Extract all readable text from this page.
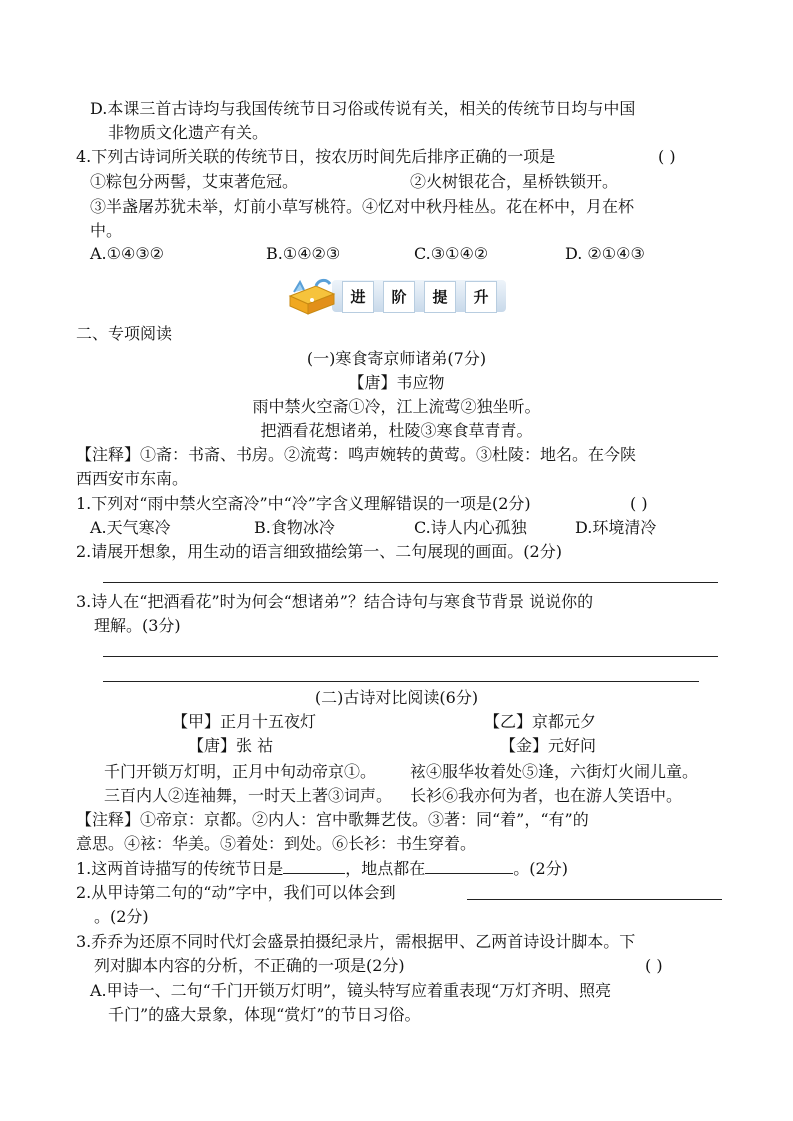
D.本课三首古诗均与我国传统节日习俗或传说有关，相关的传统节日均与中国
非物质文化遗产有关。
4.下列古诗词所关联的传统节日，按农历时间先后排序正确的一项是	( )
①粽包分两髻，艾束著危冠。	②火树银花合，星桥铁锁开。
③半盏屠苏犹未举，灯前小草写桃符。④忆对中秋丹桂丛。花在杯中，月在杯
中。
A.①④③②	B.①④②③	C.③①④②	D. ②①④③
进	阶	提	升
二、专项阅读
(一)寒食寄京师诸弟(7分)
【唐】韦应物
雨中禁火空斋①冷，江上流莺②独坐听。
把酒看花想诸弟，杜陵③寒食草青青。
【注释】①斋：书斋、书房。②流莺：鸣声婉转的黄莺。③杜陵：地名。在今陕
西西安市东南。
1.下列对“雨中禁火空斋冷”中“冷”字含义理解错误的一项是(2分)	( )
A.天气寒冷	B.食物冰冷	C.诗人内心孤独	D.环境清冷
2.请展开想象，用生动的语言细致描绘第一、二句展现的画面。(2分)
3.诗人在“把酒看花”时为何会“想诸弟”？结合诗句与寒食节背景 说说你的
理解。(3分)
(二)古诗对比阅读(6分)
【甲】正月十五夜灯	【乙】京都元夕
【唐】张 祜	【金】元好问
千门开锁万灯明，正月中旬动帝京①。 袨④服华妆着处⑤逢，六街灯火闹儿童。
三百内人②连袖舞，一时天上著③词声。 长衫⑥我亦何为者，也在游人笑语中。
【注释】①帝京：京都。②内人：宫中歌舞艺伎。③著：同“着”，“有”的
意思。④袨：华美。⑤着处：到处。⑥长衫：书生穿着。
1.这两首诗描写的传统节日是	，地点都在	。(2分)
2.从甲诗第二句的“动”字中，我们可以体会到
。(2分)
3.乔乔为还原不同时代灯会盛景拍摄纪录片，需根据甲、乙两首诗设计脚本。下
列对脚本内容的分析，不正确的一项是(2分)	( )
A.甲诗一、二句“千门开锁万灯明”，镜头特写应着重表现“万灯齐明、照亮
千门”的盛大景象，体现“赏灯”的节日习俗。
